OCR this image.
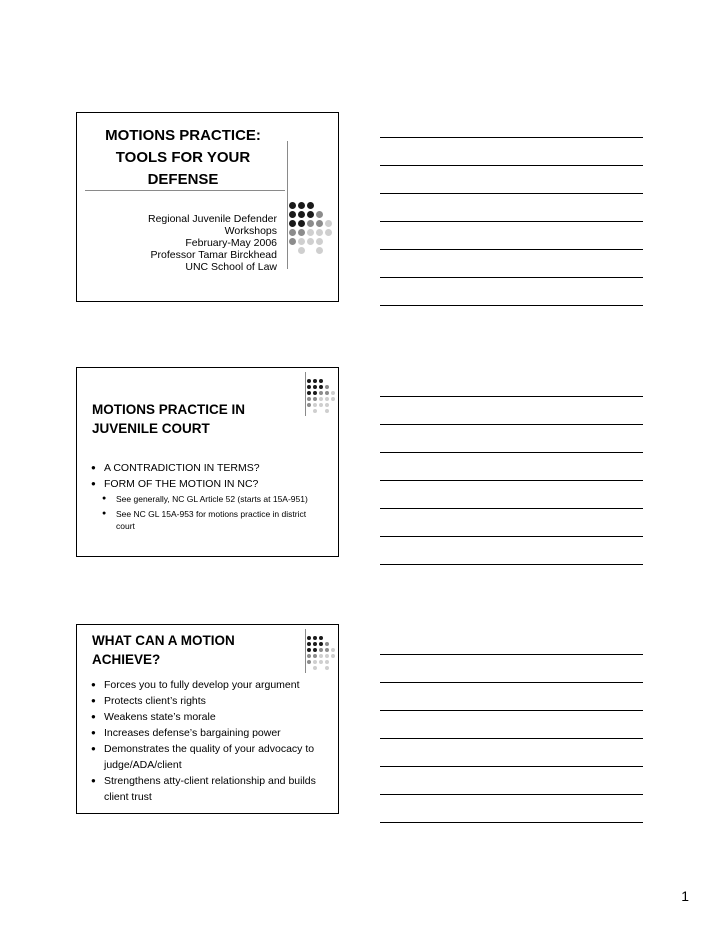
MOTIONS PRACTICE:
TOOLS FOR YOUR
DEFENSE
Regional Juvenile Defender
Workshops
February-May 2006
Professor Tamar Birckhead
UNC School of Law
MOTIONS PRACTICE IN
JUVENILE COURT
● A CONTRADICTION IN TERMS?
● FORM OF THE MOTION IN NC?
● See generally, NC GL Article 52 (starts at 15A-951)
● See NC GL 15A-953 for motions practice in district court
WHAT CAN A MOTION
ACHIEVE?
● Forces you to fully develop your argument
● Protects client’s rights
● Weakens state’s morale
● Increases defense’s bargaining power
● Demonstrates the quality of your advocacy to judge/ADA/client
● Strengthens atty-client relationship and builds client trust
1
